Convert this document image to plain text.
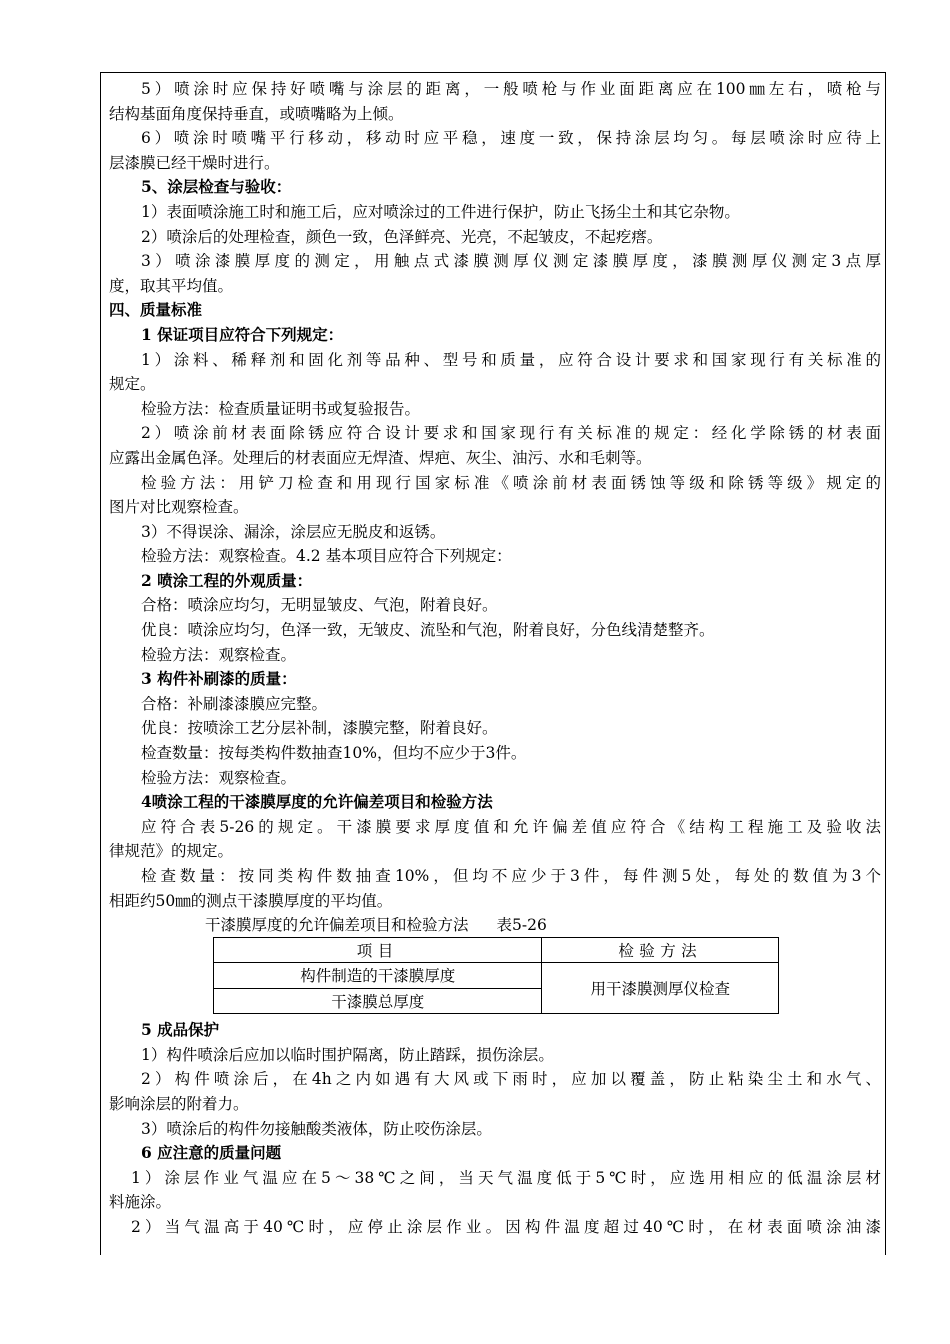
5）喷涂时应保持好喷嘴与涂层的距离，一般喷枪与作业面距离应在100㎜左右，喷枪与
结构基面角度保持垂直，或喷嘴略为上倾。
6）喷涂时喷嘴平行移动，移动时应平稳，速度一致，保持涂层均匀。每层喷涂时应待上
层漆膜已经干燥时进行。
5、涂层检查与验收：
1）表面喷涂施工时和施工后，应对喷涂过的工件进行保护，防止飞扬尘土和其它杂物。
2）喷涂后的处理检查，颜色一致，色泽鲜亮、光亮，不起皱皮，不起疙瘩。
3）喷涂漆膜厚度的测定，用触点式漆膜测厚仪测定漆膜厚度，漆膜测厚仪测定3点厚
度，取其平均值。
四、质量标准
1 保证项目应符合下列规定：
1）涂料、稀释剂和固化剂等品种、型号和质量，应符合设计要求和国家现行有关标准的
规定。
检验方法：检查质量证明书或复验报告。
2）喷涂前材表面除锈应符合设计要求和国家现行有关标准的规定：经化学除锈的材表面
应露出金属色泽。处理后的材表面应无焊渣、焊疤、灰尘、油污、水和毛刺等。
检验方法：用铲刀检查和用现行国家标准《喷涂前材表面锈蚀等级和除锈等级》规定的
图片对比观察检查。
3）不得误涂、漏涂，涂层应无脱皮和返锈。
检验方法：观察检查。4.2 基本项目应符合下列规定：
2 喷涂工程的外观质量：
合格：喷涂应均匀，无明显皱皮、气泡，附着良好。
优良：喷涂应均匀，色泽一致，无皱皮、流坠和气泡，附着良好，分色线清楚整齐。
检验方法：观察检查。
3 构件补刷漆的质量：
合格：补刷漆漆膜应完整。
优良：按喷涂工艺分层补制，漆膜完整，附着良好。
检查数量：按每类构件数抽查10%，但均不应少于3件。
检验方法：观察检查。
4喷涂工程的干漆膜厚度的允许偏差项目和检验方法
应符合表5-26的规定。干漆膜要求厚度值和允许偏差值应符合《结构工程施工及验收法
律规范》的规定。
检查数量：按同类构件数抽查10%，但均不应少于3件，每件测5处，每处的数值为3个
相距约50㎜的测点干漆膜厚度的平均值。
干漆膜厚度的允许偏差项目和检验方法 表5-26
项目	检验方法
构件制造的干漆膜厚度	用干漆膜测厚仪检查
干漆膜总厚度	
5 成品保护
1）构件喷涂后应加以临时围护隔离，防止踏踩，损伤涂层。
2）构件喷涂后，在4h之内如遇有大风或下雨时，应加以覆盖，防止粘染尘土和水气、
影响涂层的附着力。
3）喷涂后的构件勿接触酸类液体，防止咬伤涂层。
6 应注意的质量问题
1）涂层作业气温应在5～38℃之间，当天气温度低于5℃时，应选用相应的低温涂层材
料施涂。
2）当气温高于40℃时，应停止涂层作业。因构件温度超过40℃时，在材表面喷涂油漆
